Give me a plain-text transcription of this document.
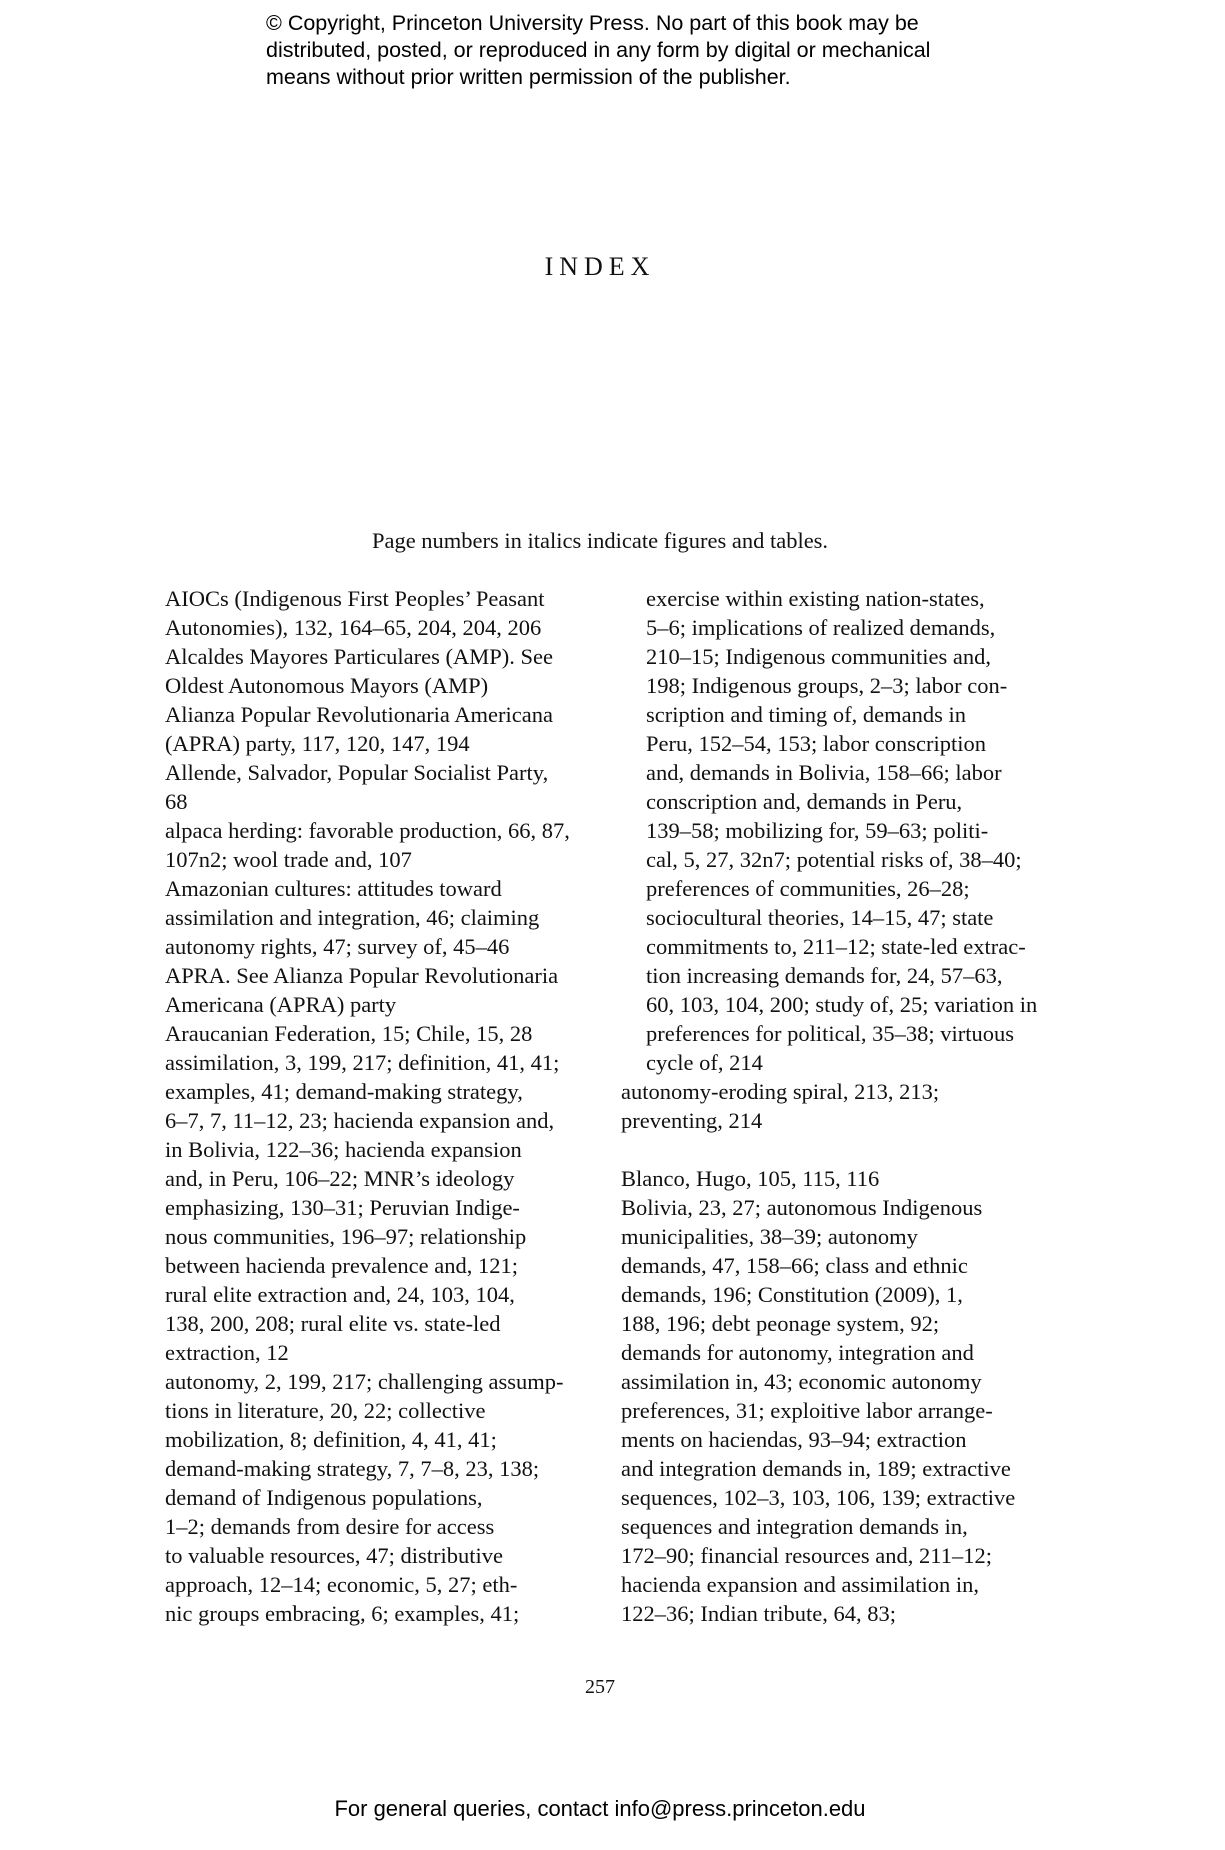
© Copyright, Princeton University Press. No part of this book may be
distributed, posted, or reproduced in any form by digital or mechanical
means without prior written permission of the publisher.
INDEX
Page numbers in italics indicate figures and tables.
AIOCs (Indigenous First Peoples’ Peasant
Autonomies), 132, 164–65, 204, 204, 206
Alcaldes Mayores Particulares (AMP). See
Oldest Autonomous Mayors (AMP)
Alianza Popular Revolutionaria Americana
(APRA) party, 117, 120, 147, 194
Allende, Salvador, Popular Socialist Party,
68
alpaca herding: favorable production, 66, 87,
107n2; wool trade and, 107
Amazonian cultures: attitudes toward
assimilation and integration, 46; claiming
autonomy rights, 47; survey of, 45–46
APRA. See Alianza Popular Revolutionaria
Americana (APRA) party
Araucanian Federation, 15; Chile, 15, 28
assimilation, 3, 199, 217; definition, 41, 41;
examples, 41; demand-making strategy,
6–7, 7, 11–12, 23; hacienda expansion and,
in Bolivia, 122–36; hacienda expansion
and, in Peru, 106–22; MNR’s ideology
emphasizing, 130–31; Peruvian Indige-
nous communities, 196–97; relationship
between hacienda prevalence and, 121;
rural elite extraction and, 24, 103, 104,
138, 200, 208; rural elite vs. state-led
extraction, 12
autonomy, 2, 199, 217; challenging assump-
tions in literature, 20, 22; collective
mobilization, 8; definition, 4, 41, 41;
demand-making strategy, 7, 7–8, 23, 138;
demand of Indigenous populations,
1–2; demands from desire for access
to valuable resources, 47; distributive
approach, 12–14; economic, 5, 27; eth-
nic groups embracing, 6; examples, 41;
exercise within existing nation-states,
5–6; implications of realized demands,
210–15; Indigenous communities and,
198; Indigenous groups, 2–3; labor con-
scription and timing of, demands in
Peru, 152–54, 153; labor conscription
and, demands in Bolivia, 158–66; labor
conscription and, demands in Peru,
139–58; mobilizing for, 59–63; politi-
cal, 5, 27, 32n7; potential risks of, 38–40;
preferences of communities, 26–28;
sociocultural theories, 14–15, 47; state
commitments to, 211–12; state-led extrac-
tion increasing demands for, 24, 57–63,
60, 103, 104, 200; study of, 25; variation in
preferences for political, 35–38; virtuous
cycle of, 214
autonomy-eroding spiral, 213, 213;
preventing, 214
Blanco, Hugo, 105, 115, 116
Bolivia, 23, 27; autonomous Indigenous
municipalities, 38–39; autonomy
demands, 47, 158–66; class and ethnic
demands, 196; Constitution (2009), 1,
188, 196; debt peonage system, 92;
demands for autonomy, integration and
assimilation in, 43; economic autonomy
preferences, 31; exploitive labor arrange-
ments on haciendas, 93–94; extraction
and integration demands in, 189; extractive
sequences, 102–3, 103, 106, 139; extractive
sequences and integration demands in,
172–90; financial resources and, 211–12;
hacienda expansion and assimilation in,
122–36; Indian tribute, 64, 83;
257
For general queries, contact info@press.princeton.edu
